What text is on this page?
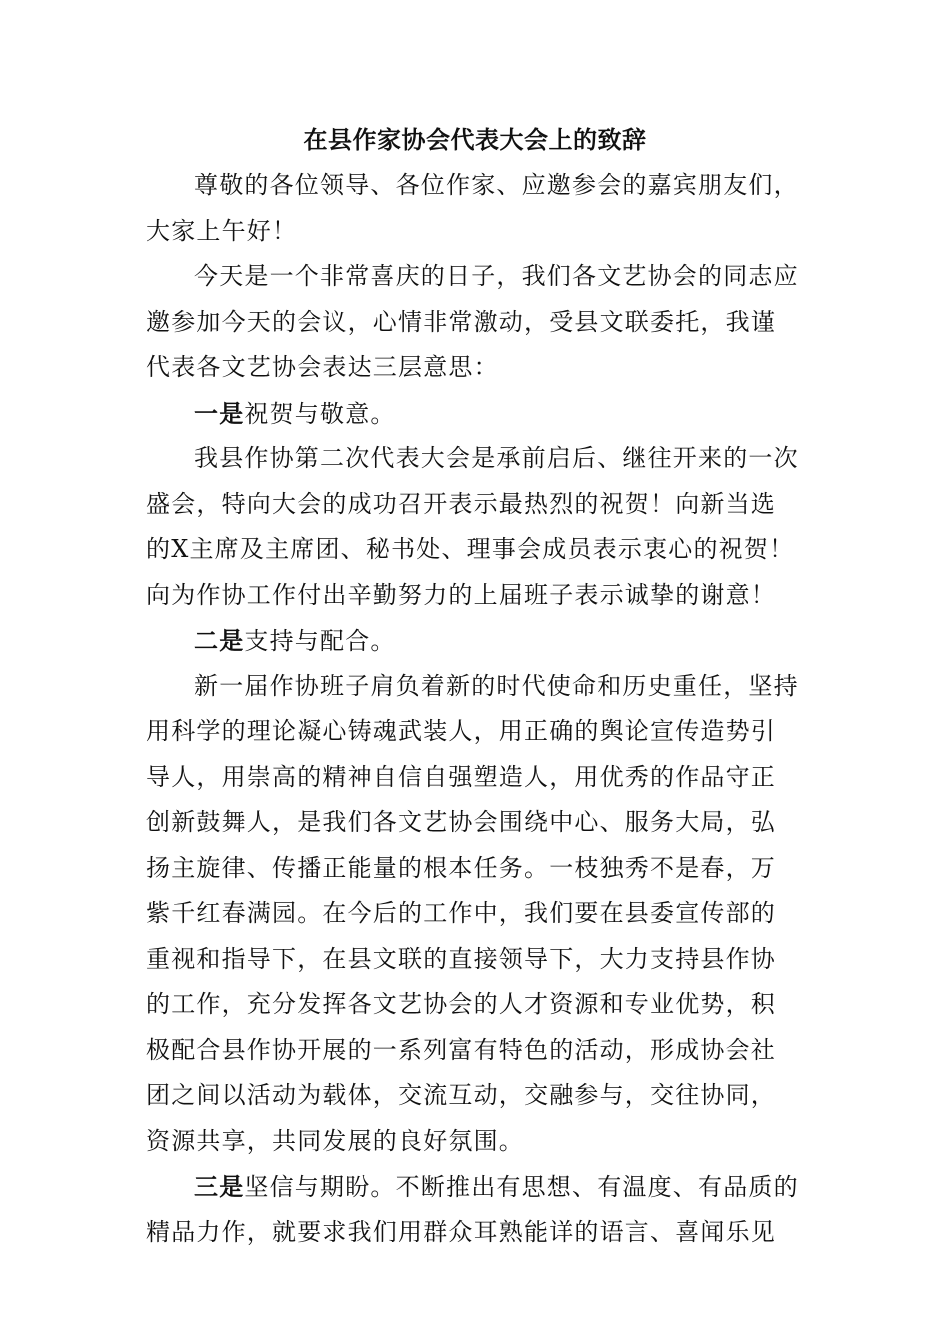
在县作家协会代表大会上的致辞
尊敬的各位领导、各位作家、应邀参会的嘉宾朋友们，
大家上午好！
今天是一个非常喜庆的日子，我们各文艺协会的同志应
邀参加今天的会议，心情非常激动，受县文联委托，我谨
代表各文艺协会表达三层意思：
一是祝贺与敬意。
我县作协第二次代表大会是承前启后、继往开来的一次
盛会，特向大会的成功召开表示最热烈的祝贺！向新当选
的X主席及主席团、秘书处、理事会成员表示衷心的祝贺！
向为作协工作付出辛勤努力的上届班子表示诚挚的谢意！
二是支持与配合。
新一届作协班子肩负着新的时代使命和历史重任，坚持
用科学的理论凝心铸魂武装人，用正确的舆论宣传造势引
导人，用崇高的精神自信自强塑造人，用优秀的作品守正
创新鼓舞人，是我们各文艺协会围绕中心、服务大局，弘
扬主旋律、传播正能量的根本任务。一枝独秀不是春，万
紫千红春满园。在今后的工作中，我们要在县委宣传部的
重视和指导下，在县文联的直接领导下，大力支持县作协
的工作，充分发挥各文艺协会的人才资源和专业优势，积
极配合县作协开展的一系列富有特色的活动，形成协会社
团之间以活动为载体，交流互动，交融参与，交往协同，
资源共享，共同发展的良好氛围。
三是坚信与期盼。不断推出有思想、有温度、有品质的
精品力作，就要求我们用群众耳熟能详的语言、喜闻乐见
